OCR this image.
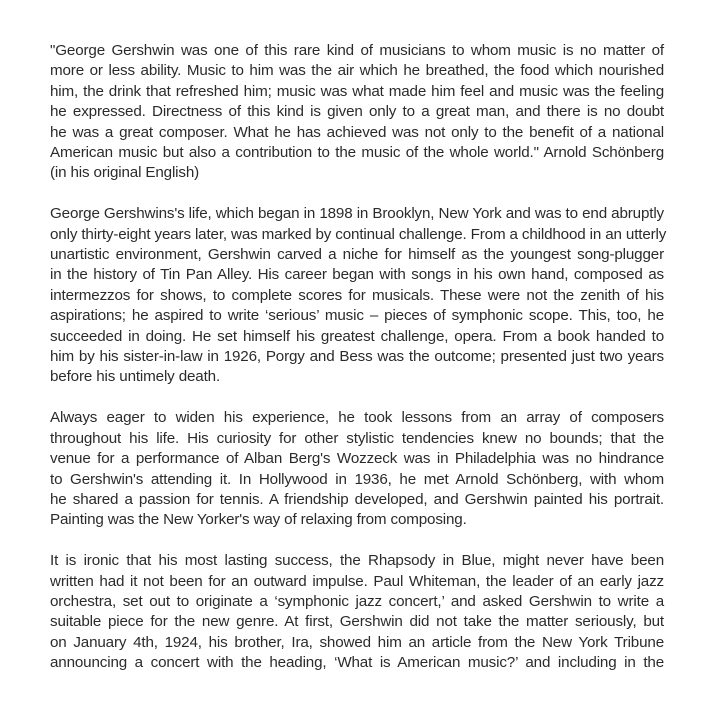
"George Gershwin was one of this rare kind of musicians to whom music is no matter of
more or less ability. Music to him was the air which he breathed, the food which nourished
him, the drink that refreshed him; music was what made him feel and music was the feeling
he expressed. Directness of this kind is given only to a great man, and there is no doubt
he was a great composer. What he has achieved was not only to the benefit of a national
American music but also a contribution to the music of the whole world." Arnold Schönberg
(in his original English)

George Gershwins's life, which began in 1898 in Brooklyn, New York and was to end abruptly
only thirty-eight years later, was marked by continual challenge. From a childhood in an utterly
unartistic environment, Gershwin carved a niche for himself as the youngest song-plugger
in the history of Tin Pan Alley. His career began with songs in his own hand, composed as
intermezzos for shows, to complete scores for musicals. These were not the zenith of his
aspirations; he aspired to write ‘serious’ music – pieces of symphonic scope. This, too, he
succeeded in doing. He set himself his greatest challenge, opera. From a book handed to
him by his sister-in-law in 1926, Porgy and Bess was the outcome; presented just two years
before his untimely death.

Always eager to widen his experience, he took lessons from an array of composers
throughout his life. His curiosity for other stylistic tendencies knew no bounds; that the
venue for a performance of Alban Berg's Wozzeck was in Philadelphia was no hindrance
to Gershwin's attending it. In Hollywood in 1936, he met Arnold Schönberg, with whom
he shared a passion for tennis. A friendship developed, and Gershwin painted his portrait.
Painting was the New Yorker's way of relaxing from composing.

It is ironic that his most lasting success, the Rhapsody in Blue, might never have been
written had it not been for an outward impulse. Paul Whiteman, the leader of an early jazz
orchestra, set out to originate a ‘symphonic jazz concert,’ and asked Gershwin to write a
suitable piece for the new genre. At first, Gershwin did not take the matter seriously, but
on January 4th, 1924, his brother, Ira, showed him an article from the New York Tribune
announcing a concert with the heading, ‘What is American music?’ and including in the
